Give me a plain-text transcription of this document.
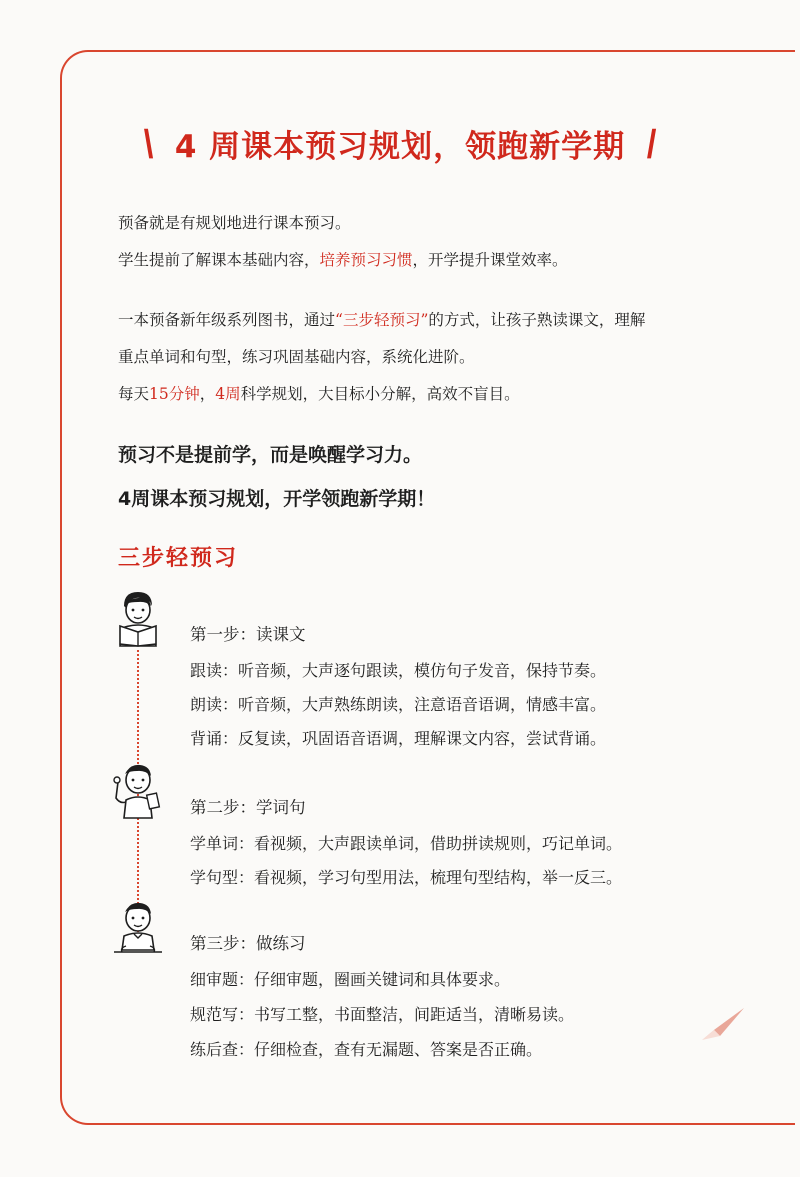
\ 4 周课本预习规划，领跑新学期 /
预备就是有规划地进行课本预习。
学生提前了解课本基础内容，培养预习习惯，开学提升课堂效率。
一本预备新年级系列图书，通过“三步轻预习”的方式，让孩子熟读课文，理解
重点单词和句型，练习巩固基础内容，系统化进阶。
每天15分钟，4周科学规划，大目标小分解，高效不盲目。
预习不是提前学，而是唤醒学习力。
4周课本预习规划，开学领跑新学期！
三步轻预习
第一步：读课文
跟读：听音频，大声逐句跟读，模仿句子发音，保持节奏。
朗读：听音频，大声熟练朗读，注意语音语调，情感丰富。
背诵：反复读，巩固语音语调，理解课文内容，尝试背诵。
第二步：学词句
学单词：看视频，大声跟读单词，借助拼读规则，巧记单词。
学句型：看视频，学习句型用法，梳理句型结构，举一反三。
第三步：做练习
细审题：仔细审题，圈画关键词和具体要求。
规范写：书写工整，书面整洁，间距适当，清晰易读。
练后查：仔细检查，查有无漏题、答案是否正确。
